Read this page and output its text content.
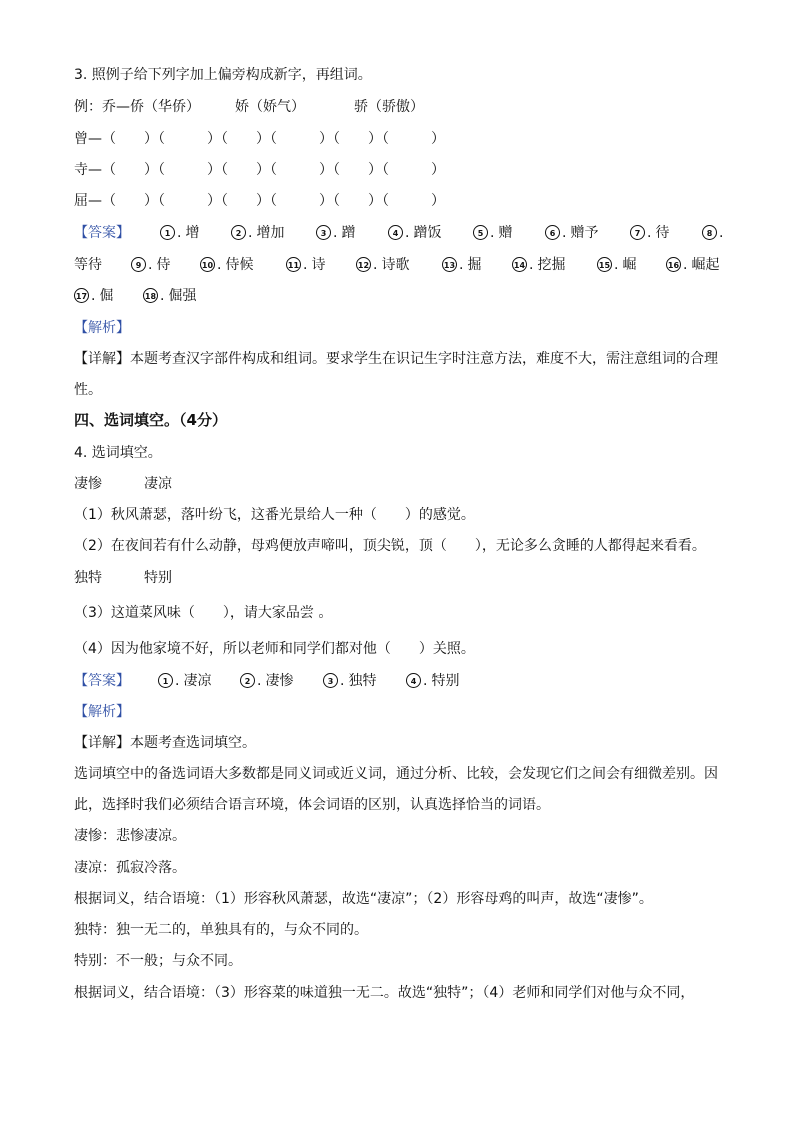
3. 照例子给下列字加上偏旁构成新字，再组词。
例：乔—侨（华侨）　　　娇（娇气）　　　　骄（骄傲）
曾—（　　）（　　　）（　　）（　　　）（　　）（　　　）
寺—（　　）（　　　）（　　）（　　　）（　　）（　　　）
屈—（　　）（　　　）（　　）（　　　）（　　）（　　　）
【答案】	1 . 增	2 . 增加	3 . 蹭	4 . 蹭饭	5 . 赠	6 . 赠予	7 . 待	8 .
等待	9 . 侍	10 . 侍候	11 . 诗	12 . 诗歌	13 . 掘	14 . 挖掘	15 . 崛	16 . 崛起
17 . 倔	18 . 倔强
【解析】
【详解】本题考查汉字部件构成和组词。要求学生在识记生字时注意方法，难度不大，需注意组词的合理
性。
四、选词填空。（4分）
4. 选词填空。
凄惨　　　凄凉
（1）秋风萧瑟，落叶纷飞，这番光景给人一种（　　）的感觉。
（2）在夜间若有什么动静，母鸡便放声啼叫，顶尖锐，顶（　　），无论多么贪睡的人都得起来看看。
独特　　　特别
（3）这道菜风味（　　），请大家品尝 。
（4）因为他家境不好，所以老师和同学们都对他（　　）关照。
【答案】	1 . 凄凉	2 . 凄惨	3 . 独特	4 . 特别
【解析】
【详解】本题考查选词填空。
选词填空中的备选词语大多数都是同义词或近义词，通过分析、比较，会发现它们之间会有细微差别。因
此，选择时我们必须结合语言环境，体会词语的区别，认真选择恰当的词语。
凄惨：悲惨凄凉。
凄凉：孤寂冷落。
根据词义，结合语境：（1）形容秋风萧瑟，故选“凄凉”；（2）形容母鸡的叫声，故选“凄惨”。
独特：独一无二的，单独具有的，与众不同的。
特别：不一般；与众不同。
根据词义，结合语境：（3）形容菜的味道独一无二。故选“独特”；（4）老师和同学们对他与众不同，
